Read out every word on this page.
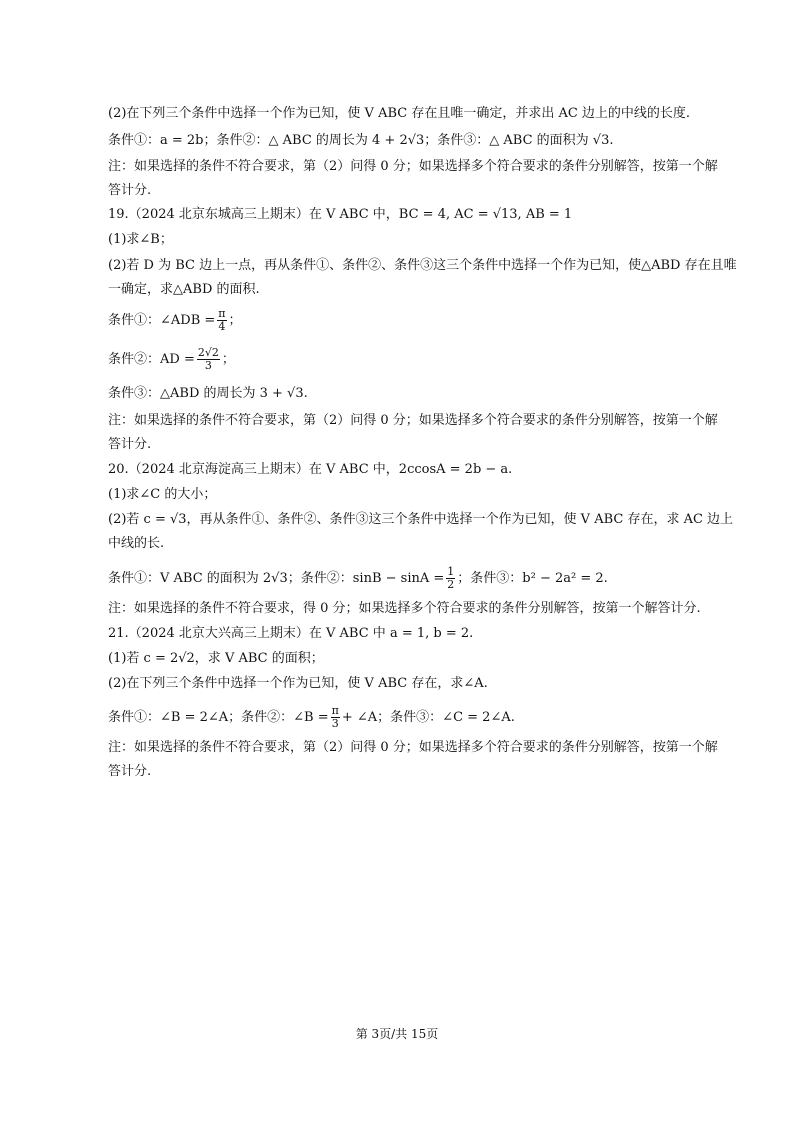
(2)在下列三个条件中选择一个作为已知，使 V ABC 存在且唯一确定，并求出 AC 边上的中线的长度.
条件①：a = 2b；条件②：△ ABC 的周长为 4 + 2√3；条件③：△ ABC 的面积为 √3.
注：如果选择的条件不符合要求，第（2）问得 0 分；如果选择多个符合要求的条件分别解答，按第一个解
答计分.
19.（2024 北京东城高三上期末）在 V ABC 中，BC = 4, AC = √13, AB = 1
(1)求∠B；
(2)若 D 为 BC 边上一点，再从条件①、条件②、条件③这三个条件中选择一个作为已知，使△ABD 存在且唯
一确定，求△ABD 的面积.
条件①：∠ADB = $\frac{\pi}{4}$ ；
条件②：AD = $\frac{2√2}{3}$ ；
条件③：△ABD 的周长为 3 + √3.
注：如果选择的条件不符合要求，第（2）问得 0 分；如果选择多个符合要求的条件分别解答，按第一个解
答计分.
20.（2024 北京海淀高三上期末）在 V ABC 中，2ccosA = 2b − a.
(1)求∠C 的大小；
(2)若 c = √3，再从条件①、条件②、条件③这三个条件中选择一个作为已知，使 V ABC 存在，求 AC 边上
中线的长.
条件①：V ABC 的面积为 2√3；条件②：$\sin B - \sin A = \frac{1}{2}$ ；条件③：b² − 2a² = 2.
注：如果选择的条件不符合要求，得 0 分；如果选择多个符合要求的条件分别解答，按第一个解答计分.
21.（2024 北京大兴高三上期末）在 V ABC 中 a = 1, b = 2.
(1)若 c = 2√2，求 V ABC 的面积；
(2)在下列三个条件中选择一个作为已知，使 V ABC 存在，求∠A.
条件①：∠B = 2∠A；条件②：∠B = $\frac{\pi}{3}$ + ∠A；条件③：∠C = 2∠A.
注：如果选择的条件不符合要求，第（2）问得 0 分；如果选择多个符合要求的条件分别解答，按第一个解
答计分.
第 3页/共 15页
